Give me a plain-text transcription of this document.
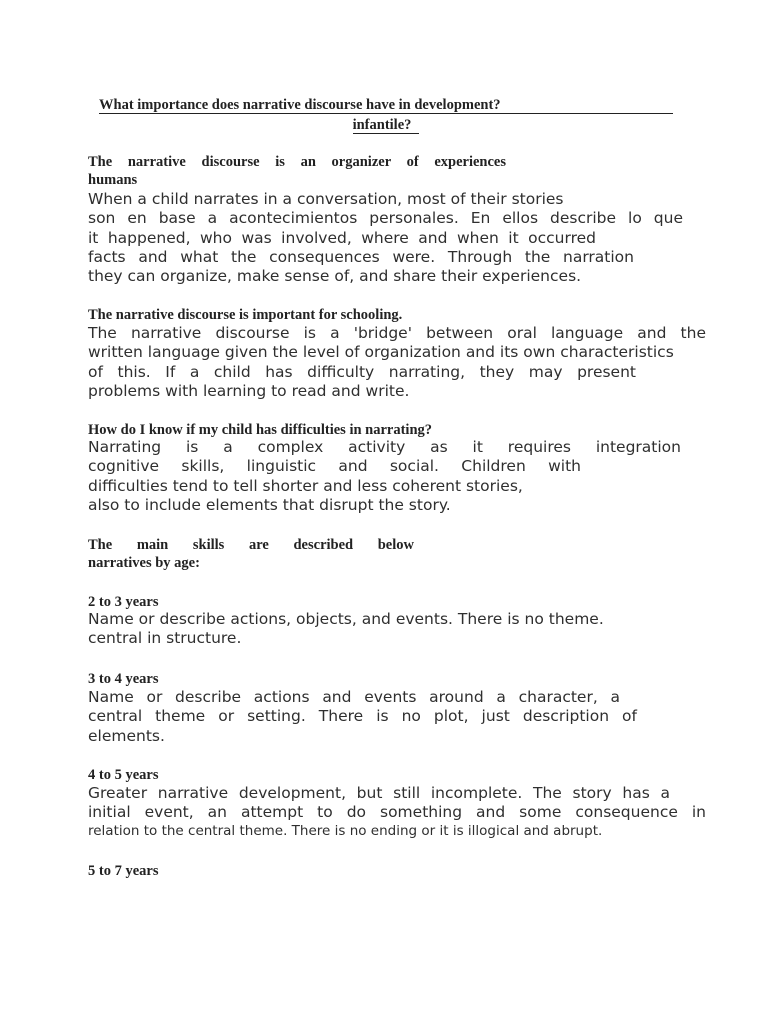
What importance does narrative discourse have in development?
infantile?

The narrative discourse is an organizer of experiences

humans

When a child narrates in a conversation, most of their stories

son en base a acontecimientos personales. En ellos describe lo que

it happened, who was involved, where and when it occurred

facts and what the consequences were. Through the narration

they can organize, make sense of, and share their experiences.

The narrative discourse is important for schooling.

The narrative discourse is a 'bridge' between oral language and the

written language given the level of organization and its own characteristics

of this. If a child has difficulty narrating, they may present

problems with learning to read and write.

How do I know if my child has difficulties in narrating?

Narrating is a complex activity as it requires integration

cognitive skills, linguistic and social. Children with

difficulties tend to tell shorter and less coherent stories,

also to include elements that disrupt the story.

The main skills are described below

narratives by age:

2 to 3 years

Name or describe actions, objects, and events. There is no theme.

central in structure.

3 to 4 years

Name or describe actions and events around a character, a

central theme or setting. There is no plot, just description of

elements.

4 to 5 years

Greater narrative development, but still incomplete. The story has a

initial event, an attempt to do something and some consequence in

relation to the central theme. There is no ending or it is illogical and abrupt.

5 to 7 years
